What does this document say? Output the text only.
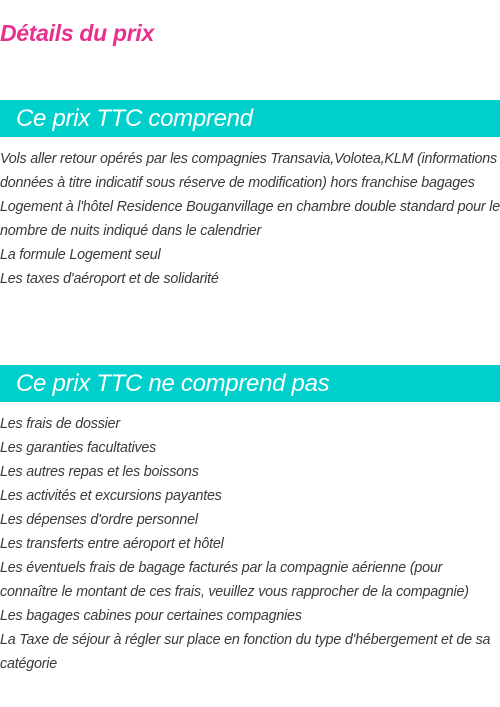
Détails du prix
Ce prix TTC comprend
Vols aller retour opérés par les compagnies Transavia,Volotea,KLM (informations données à titre indicatif sous réserve de modification) hors franchise bagages
Logement à l'hôtel Residence Bouganvillage en chambre double standard pour le nombre de nuits indiqué dans le calendrier
La formule Logement seul
Les taxes d'aéroport et de solidarité
Ce prix TTC ne comprend pas
Les frais de dossier
Les garanties facultatives
Les autres repas et les boissons
Les activités et excursions payantes
Les dépenses d'ordre personnel
Les transferts entre aéroport et hôtel
Les éventuels frais de bagage facturés par la compagnie aérienne (pour connaître le montant de ces frais, veuillez vous rapprocher de la compagnie)
Les bagages cabines pour certaines compagnies
La Taxe de séjour à régler sur place en fonction du type d'hébergement et de sa catégorie
